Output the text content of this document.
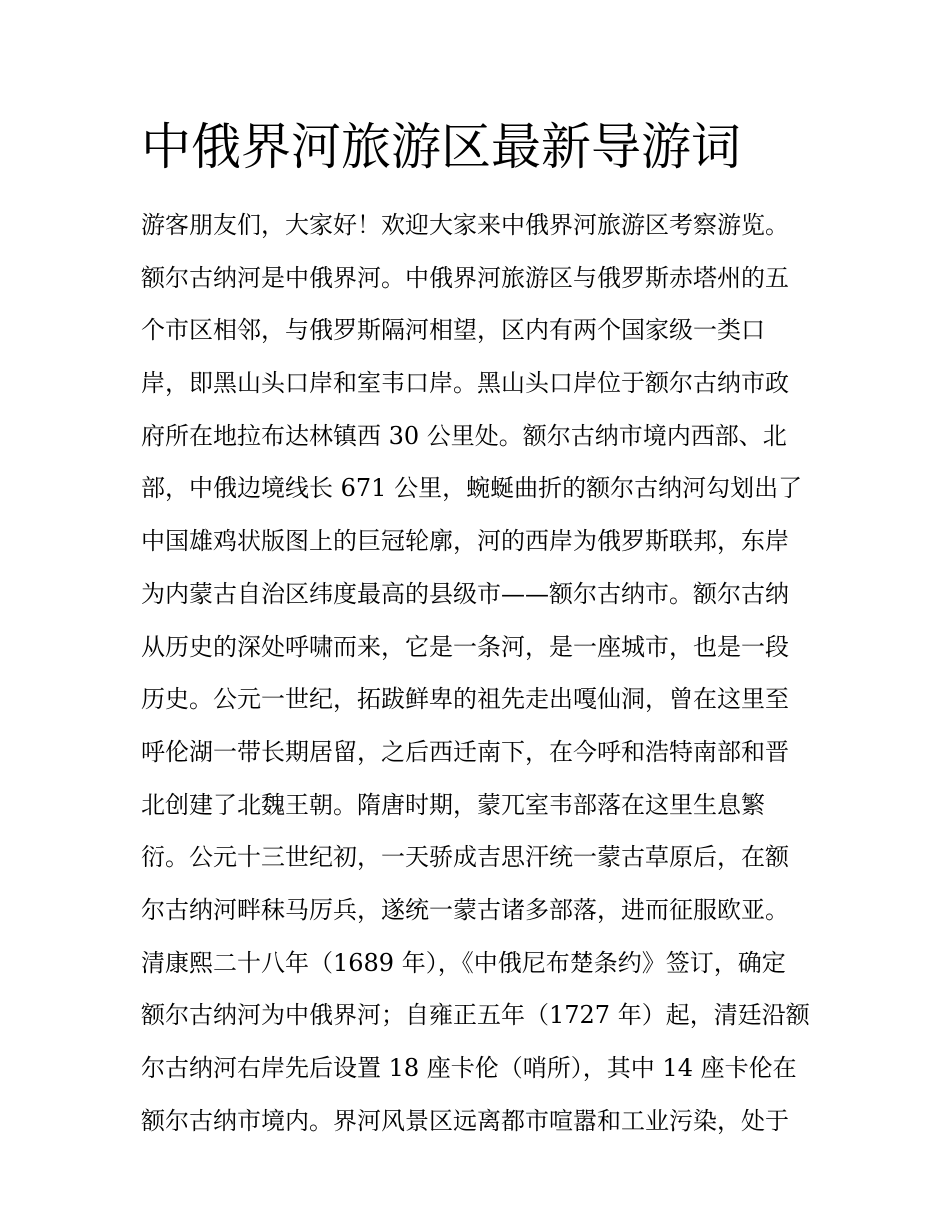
中俄界河旅游区最新导游词
游客朋友们，大家好！欢迎大家来中俄界河旅游区考察游览。
额尔古纳河是中俄界河。中俄界河旅游区与俄罗斯赤塔州的五
个市区相邻，与俄罗斯隔河相望，区内有两个国家级一类口
岸，即黑山头口岸和室韦口岸。黑山头口岸位于额尔古纳市政
府所在地拉布达林镇西 30 公里处。额尔古纳市境内西部、北
部，中俄边境线长 671 公里，蜿蜒曲折的额尔古纳河勾划出了
中国雄鸡状版图上的巨冠轮廓，河的西岸为俄罗斯联邦，东岸
为内蒙古自治区纬度最高的县级市——额尔古纳市。额尔古纳
从历史的深处呼啸而来，它是一条河，是一座城市，也是一段
历史。公元一世纪，拓跋鲜卑的祖先走出嘎仙洞，曾在这里至
呼伦湖一带长期居留，之后西迁南下，在今呼和浩特南部和晋
北创建了北魏王朝。隋唐时期，蒙兀室韦部落在这里生息繁
衍。公元十三世纪初，一天骄成吉思汗统一蒙古草原后，在额
尔古纳河畔秣马厉兵，遂统一蒙古诸多部落，进而征服欧亚。
清康熙二十八年（1689 年），《中俄尼布楚条约》签订，确定
额尔古纳河为中俄界河；自雍正五年（1727 年）起，清廷沿额
尔古纳河右岸先后设置 18 座卡伦（哨所），其中 14 座卡伦在
额尔古纳市境内。界河风景区远离都市喧嚣和工业污染，处于
